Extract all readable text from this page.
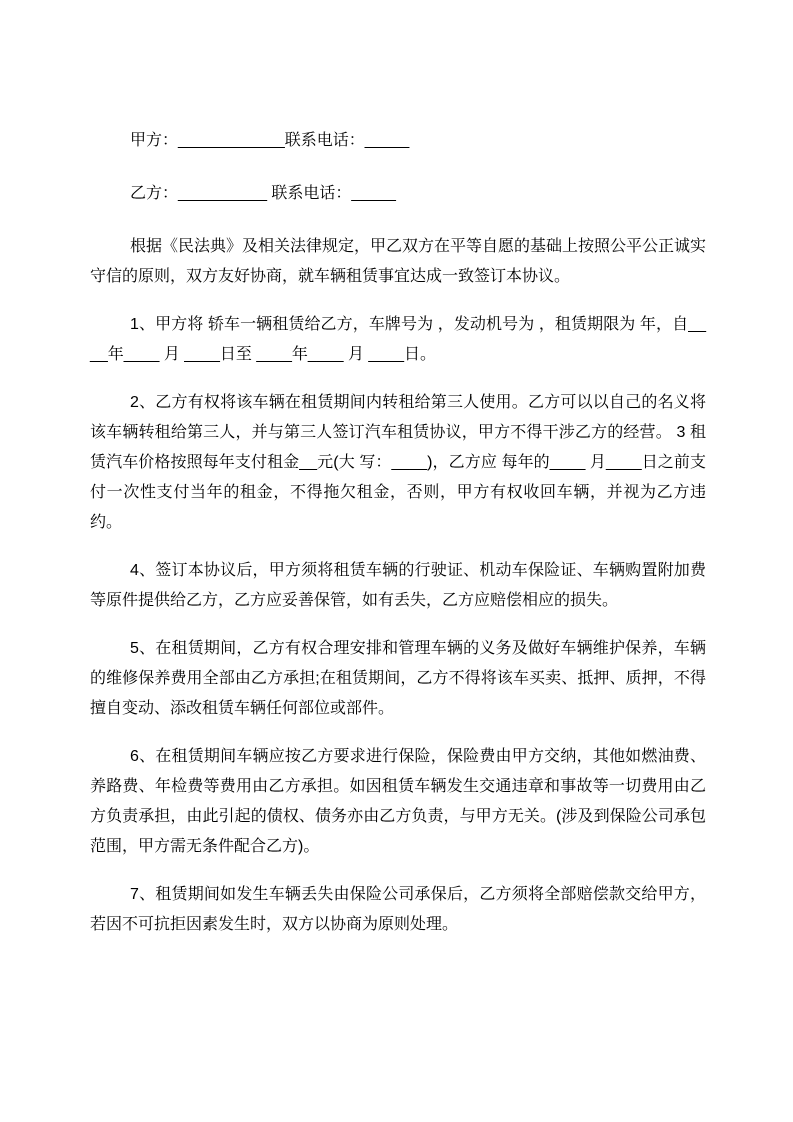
甲方：____________联系电话：_____

乙方：__________ 联系电话：_____

根据《民法典》及相关法律规定，甲乙双方在平等自愿的基础上按照公平公正诚实守信的原则，双方友好协商，就车辆租赁事宜达成一致签订本协议。

1、甲方将 轿车一辆租赁给乙方，车牌号为 ，发动机号为 ，租赁期限为 年，自____年____ 月 ____日至 ____年____ 月 ____日。

2、乙方有权将该车辆在租赁期间内转租给第三人使用。乙方可以以自己的名义将该车辆转租给第三人，并与第三人签订汽车租赁协议，甲方不得干涉乙方的经营。 3 租赁汽车价格按照每年支付租金__元(大 写：____)，乙方应 每年的____ 月____日之前支付一次性支付当年的租金，不得拖欠租金，否则，甲方有权收回车辆，并视为乙方违约。

4、签订本协议后，甲方须将租赁车辆的行驶证、机动车保险证、车辆购置附加费等原件提供给乙方，乙方应妥善保管，如有丢失，乙方应赔偿相应的损失。

5、在租赁期间，乙方有权合理安排和管理车辆的义务及做好车辆维护保养，车辆的维修保养费用全部由乙方承担;在租赁期间，乙方不得将该车买卖、抵押、质押，不得擅自变动、添改租赁车辆任何部位或部件。

6、在租赁期间车辆应按乙方要求进行保险，保险费由甲方交纳，其他如燃油费、养路费、年检费等费用由乙方承担。如因租赁车辆发生交通违章和事故等一切费用由乙方负责承担，由此引起的债权、债务亦由乙方负责，与甲方无关。(涉及到保险公司承包范围，甲方需无条件配合乙方)。

7、租赁期间如发生车辆丢失由保险公司承保后，乙方须将全部赔偿款交给甲方，若因不可抗拒因素发生时，双方以协商为原则处理。
